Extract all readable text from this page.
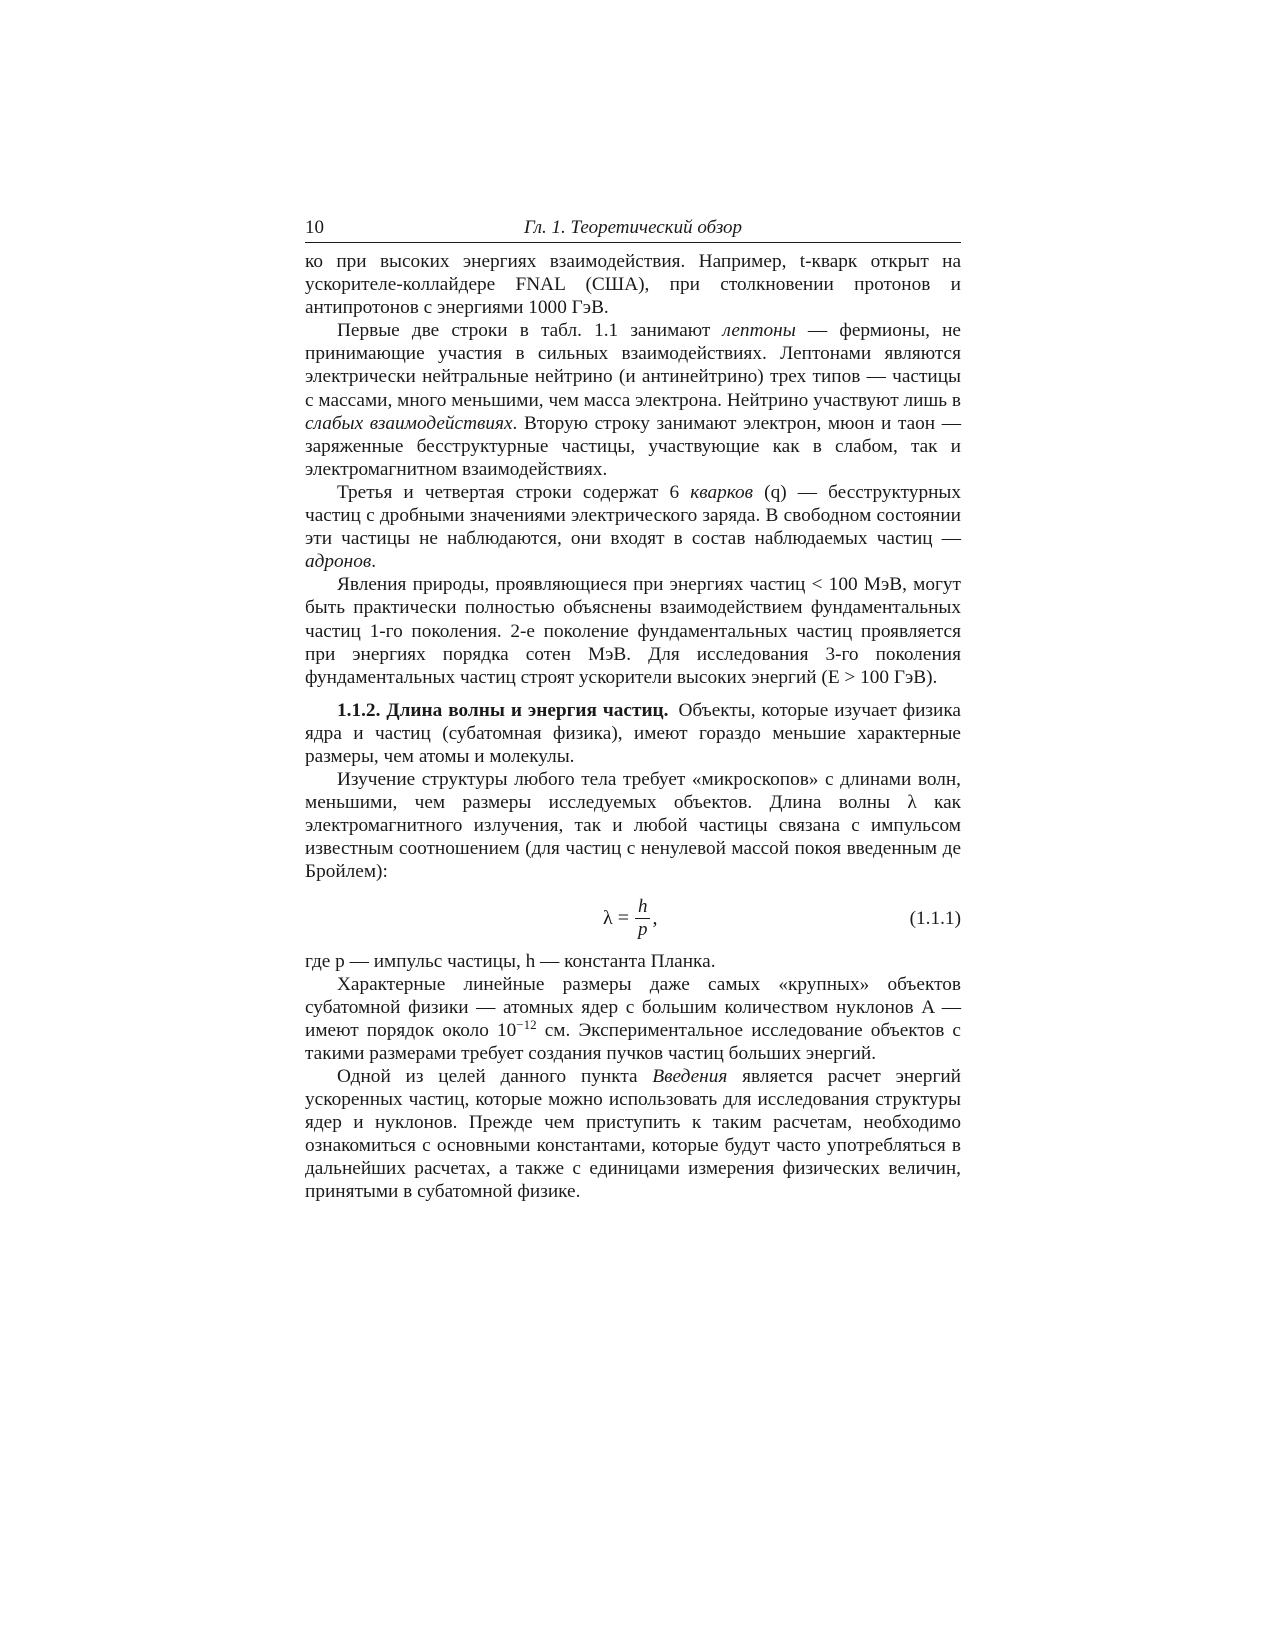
10	Гл. 1. Теоретический обзор

ко при высоких энергиях взаимодействия. Например, t-кварк открыт на ускорителе-коллайдере FNAL (США), при столкновении протонов и антипротонов с энергиями 1000 ГэВ.

Первые две строки в табл. 1.1 занимают лептоны — фермионы, не принимающие участия в сильных взаимодействиях. Лептонами являются электрически нейтральные нейтрино (и антинейтрино) трех типов — частицы с массами, много меньшими, чем масса электрона. Нейтрино участвуют лишь в слабых взаимодействиях. Вторую строку занимают электрон, мюон и таон — заряженные бесструктурные частицы, участвующие как в слабом, так и электромагнитном взаимодействиях.

Третья и четвертая строки содержат 6 кварков (q) — бесструктурных частиц с дробными значениями электрического заряда. В свободном состоянии эти частицы не наблюдаются, они входят в состав наблюдаемых частиц — адронов.

Явления природы, проявляющиеся при энергиях частиц < 100 МэВ, могут быть практически полностью объяснены взаимодействием фундаментальных частиц 1-го поколения. 2-е поколение фундаментальных частиц проявляется при энергиях порядка сотен МэВ. Для исследования 3-го поколения фундаментальных частиц строят ускорители высоких энергий (E > 100 ГэВ).

1.1.2. Длина волны и энергия частиц. Объекты, которые изучает физика ядра и частиц (субатомная физика), имеют гораздо меньшие характерные размеры, чем атомы и молекулы.

Изучение структуры любого тела требует «микроскопов» с длинами волн, меньшими, чем размеры исследуемых объектов. Длина волны λ как электромагнитного излучения, так и любой частицы связана с импульсом известным соотношением (для частиц с ненулевой массой покоя введенным де Бройлем):

$\lambda = \frac{h}{p}$ ,	(1.1.1)

где p — импульс частицы, h — константа Планка.

Характерные линейные размеры даже самых «крупных» объектов субатомной физики — атомных ядер с большим количеством нуклонов A — имеют порядок около $10^{-12}$ см. Экспериментальное исследование объектов с такими размерами требует создания пучков частиц больших энергий.

Одной из целей данного пункта Введения является расчет энергий ускоренных частиц, которые можно использовать для исследования структуры ядер и нуклонов. Прежде чем приступить к таким расчетам, необходимо ознакомиться с основными константами, которые будут часто употребляться в дальнейших расчетах, а также с единицами измерения физических величин, принятыми в субатомной физике.
